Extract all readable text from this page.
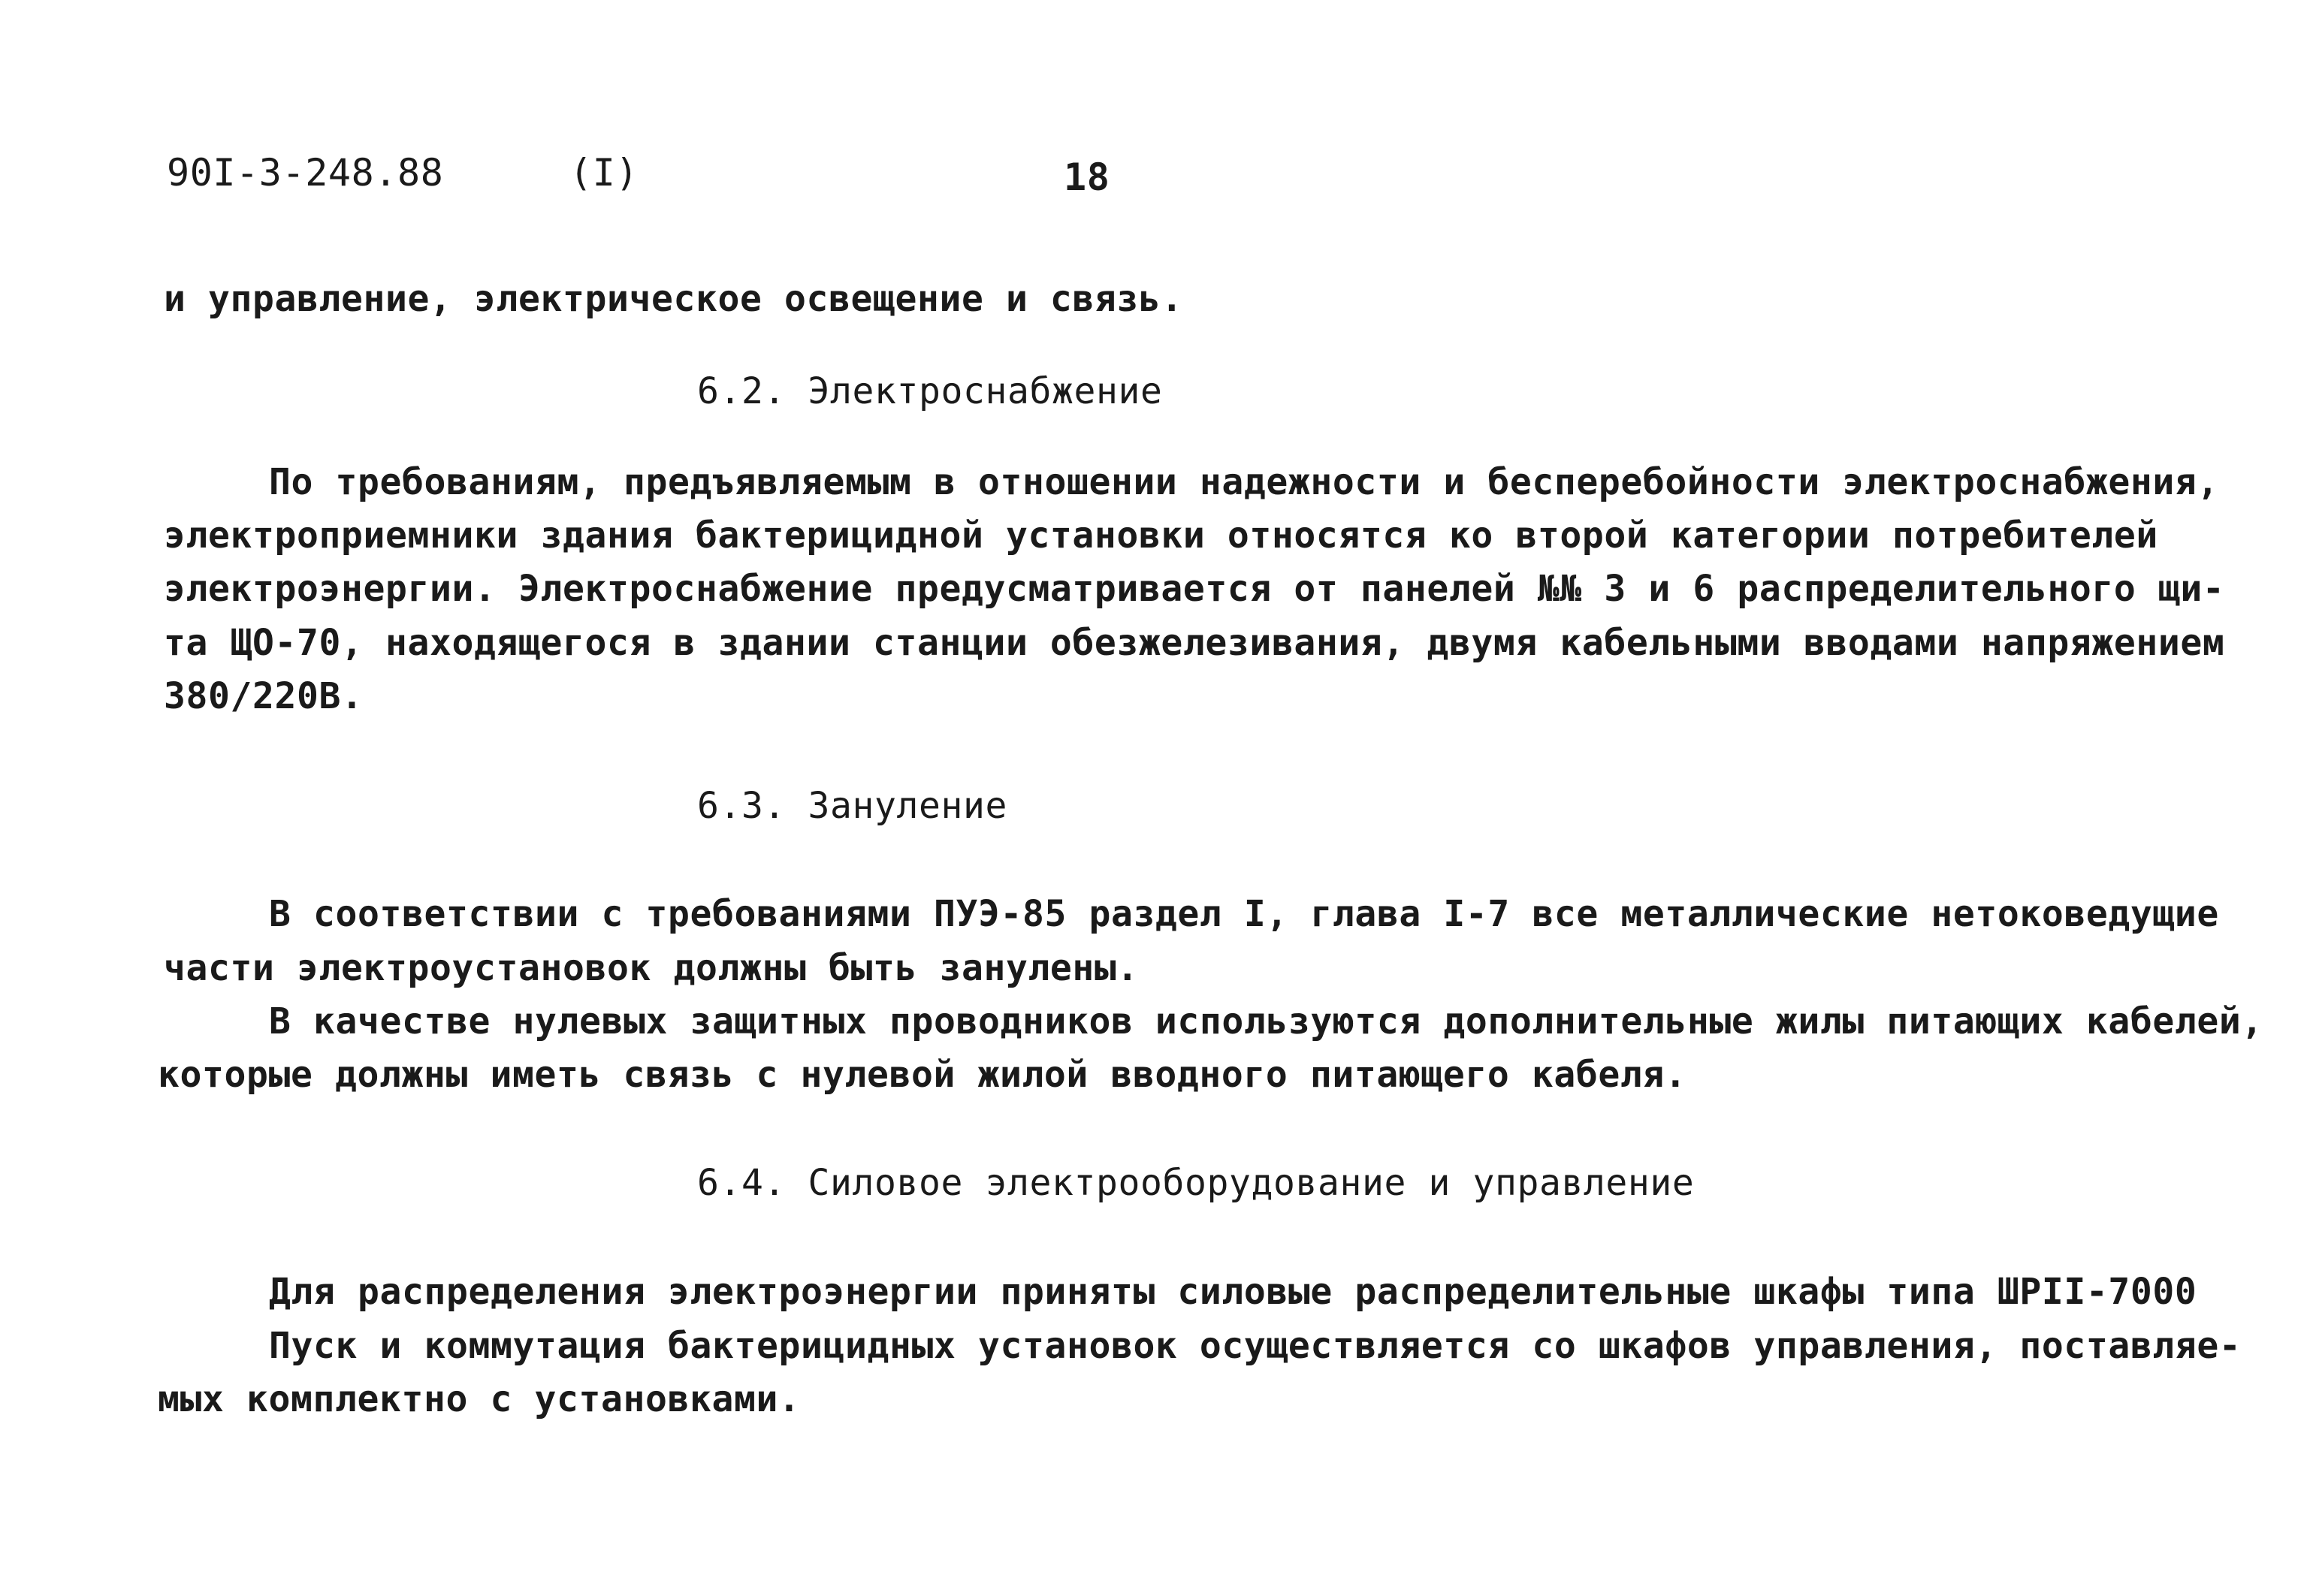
90I-3-248.88	(I)	18
и управление, электрическое освещение и связь.
6.2. Электроснабжение
По требованиям, предъявляемым в отношении надежности и бесперебойности электроснабжения,
электроприемники здания бактерицидной установки относятся ко второй категории потребителей
электроэнергии. Электроснабжение предусматривается от панелей №№ 3 и 6 распределительного щи-
та ЩО-70, находящегося в здании станции обезжелезивания, двумя кабельными вводами напряжением
380/220В.
6.3. Зануление
В соответствии с требованиями ПУЭ-85 раздел I, глава I-7 все металлические нетоковедущие
части электроустановок должны быть занулены.
В качестве нулевых защитных проводников используются дополнительные жилы питающих кабелей,
которые должны иметь связь с нулевой жилой вводного питающего кабеля.
6.4. Силовое электрооборудование и управление
Для распределения электроэнергии приняты силовые распределительные шкафы типа ШРII-7000
Пуск и коммутация бактерицидных установок осуществляется со шкафов управления, поставляе-
мых комплектно с установками.
